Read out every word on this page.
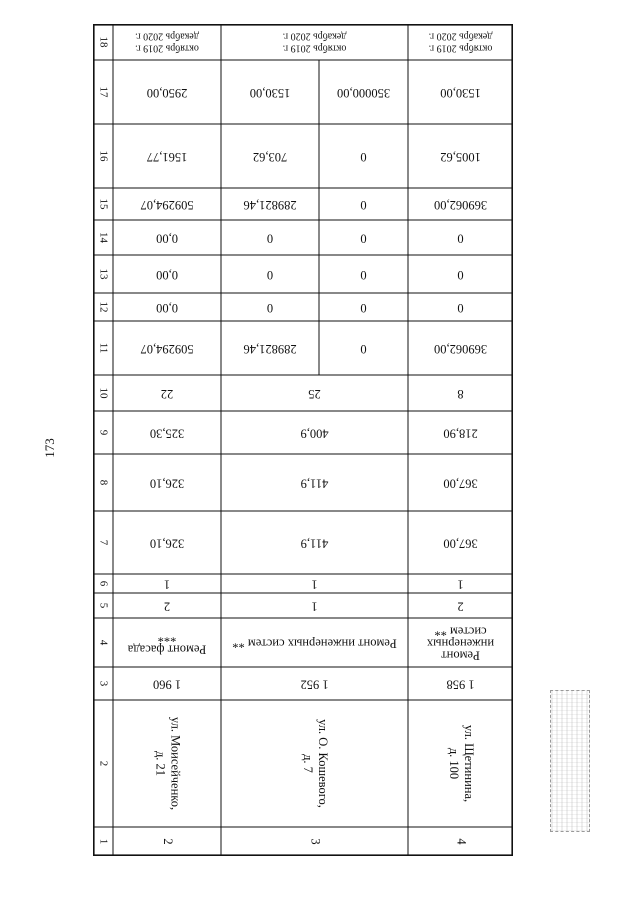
173
1
2
3
4
5
6
7
8
9
10
11
12
13
14
15
16
17
18
2
ул. Моисейченко,
д. 21
1 960
Ремонт фасада
***
2
1
326,10
326,10
325,30
22
509294,07
0,00
0,00
0,00
509294,07
1561,77
2950,00
октябрь 2019 г.
декабрь 2020 г.
3
ул. О. Кошевого,
д. 7
1 952
Ремонт инженерных систем **
1
1
411,9
411,9
400,9
25
289821,46
0
0
0
289821,46
703,62
1530,00
0
0
0
0
0
0
350000,00
октябрь 2019 г.
декабрь 2020 г.
4
ул. Щетинина,
д. 100
1 958
Ремонт
инженерных
систем **
2
1
367,00
367,00
218,90
8
369062,00
0
0
0
369062,00
1005,62
1530,00
октябрь 2019 г.
декабрь 2020 г.
